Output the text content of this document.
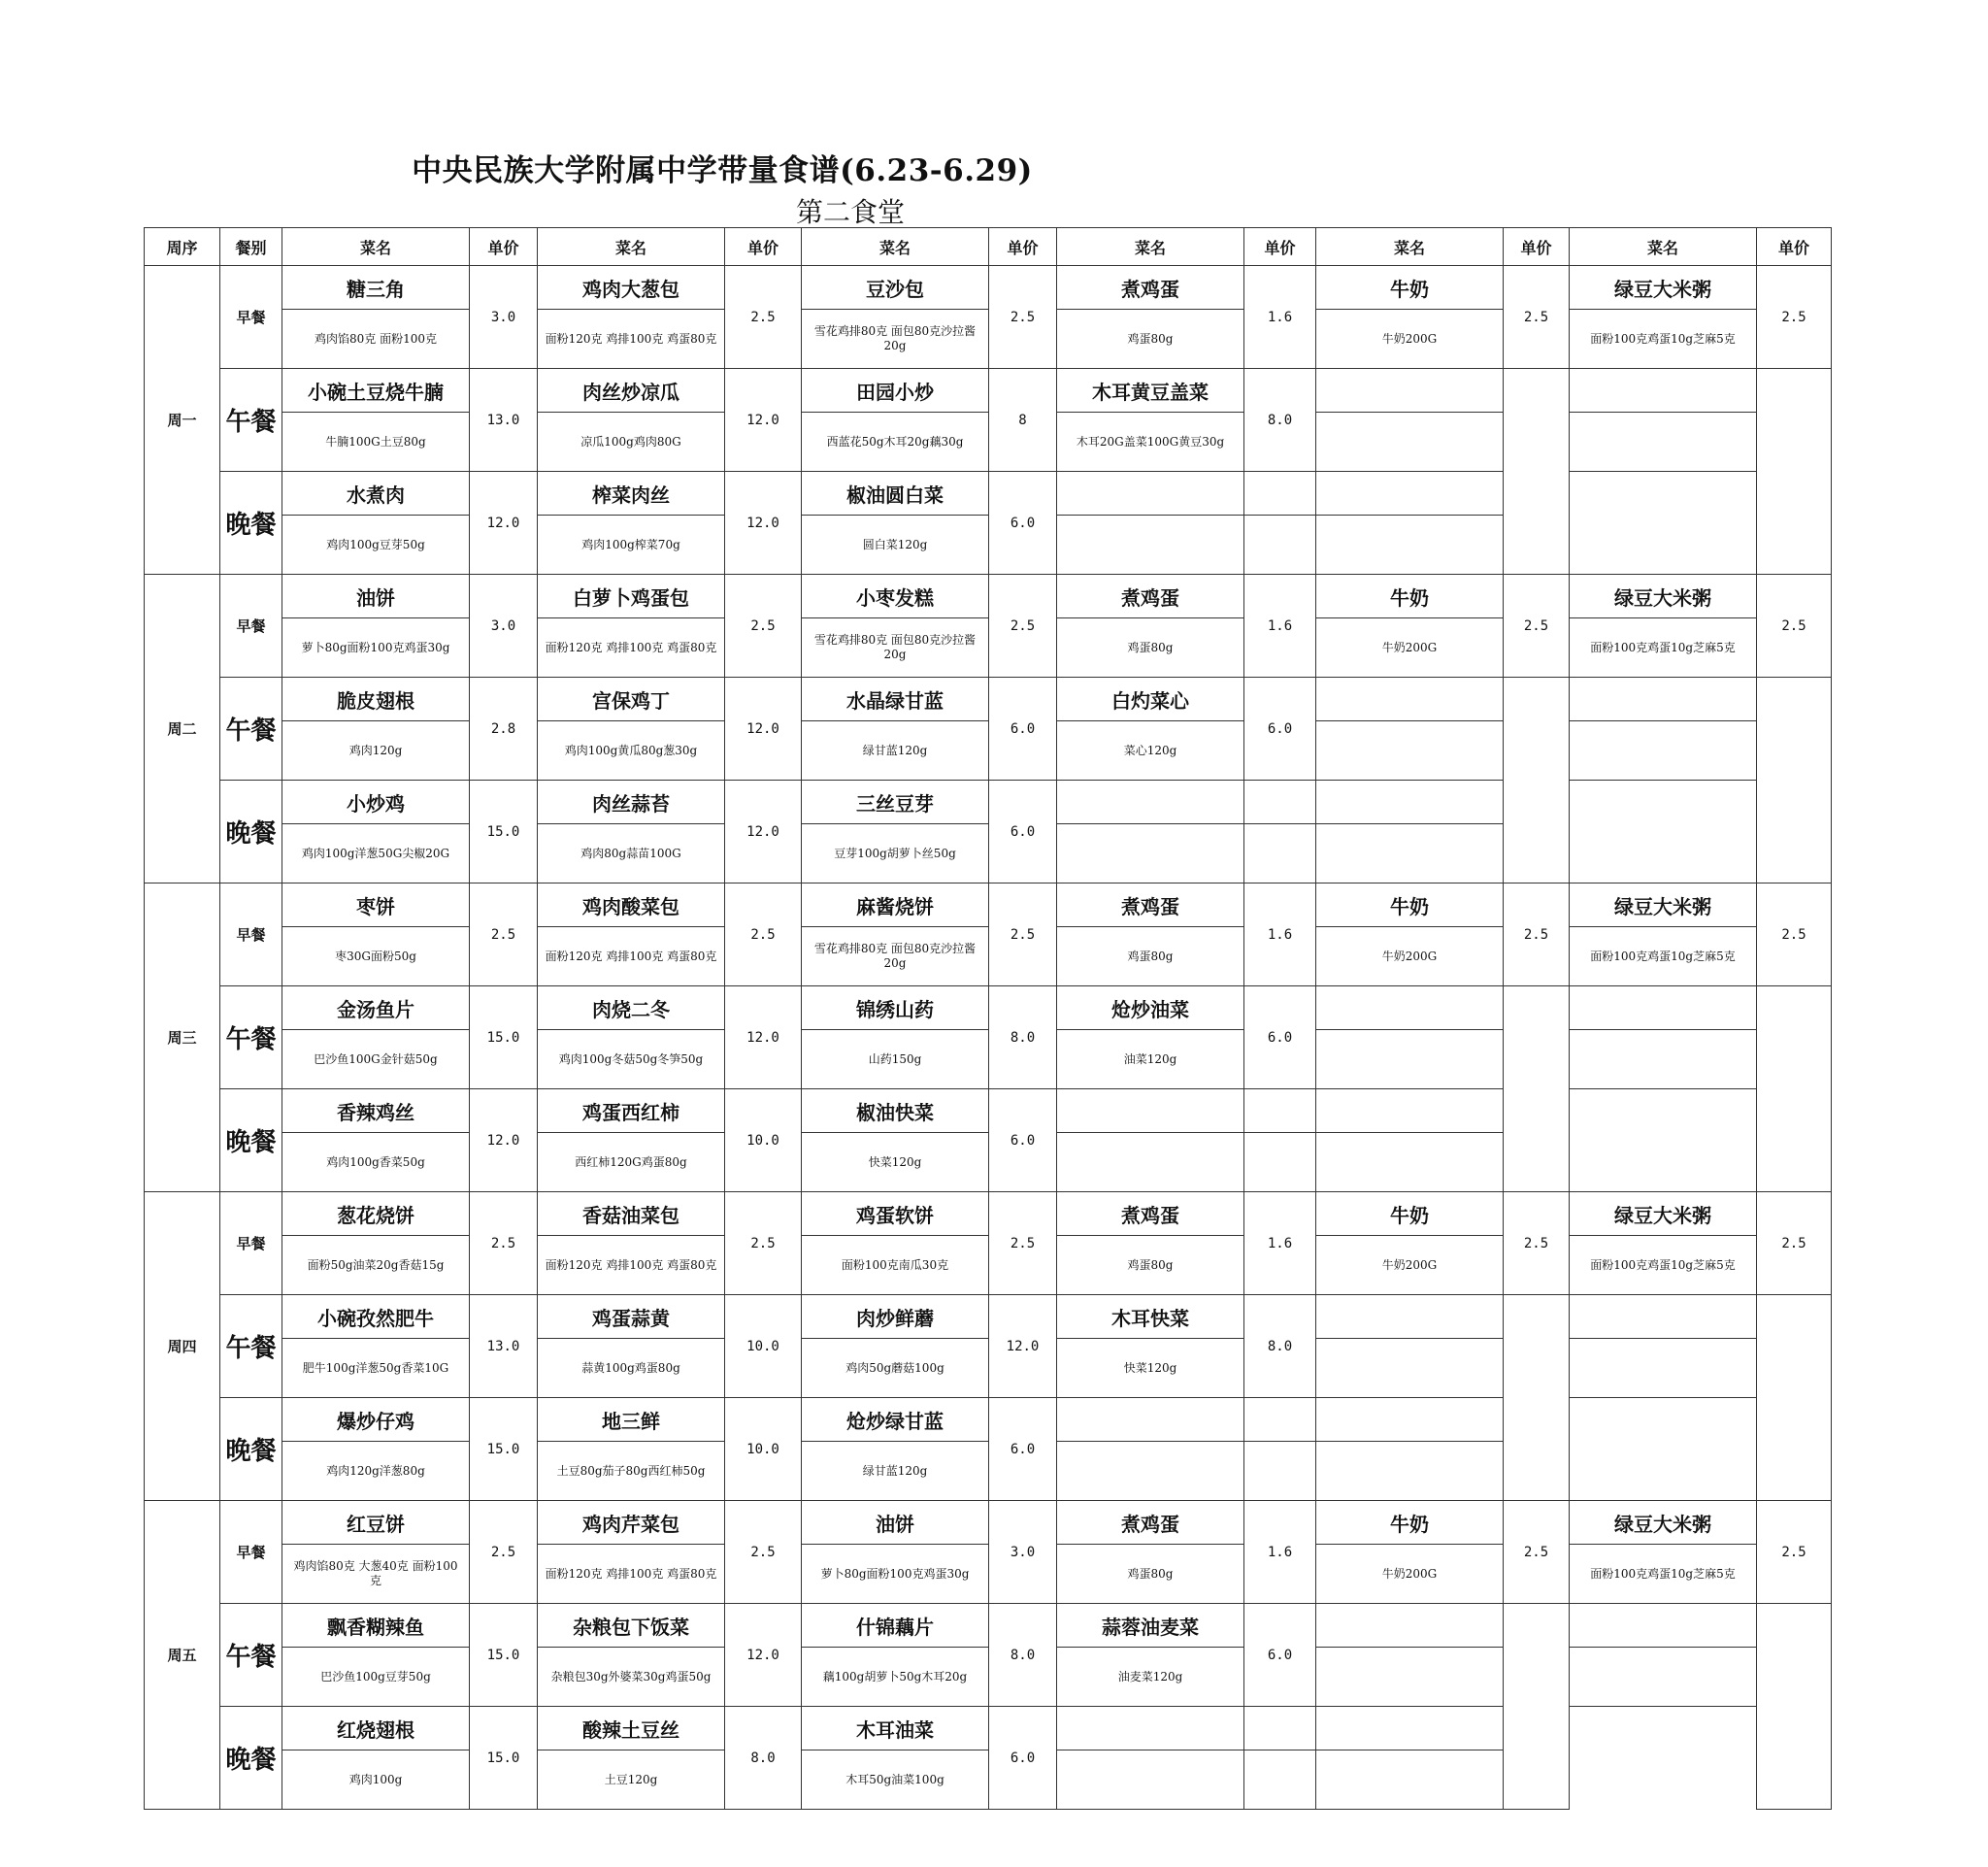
中央民族大学附属中学带量食谱(6.23-6.29)
第二食堂
周序	餐别	菜名	单价	菜名	单价	菜名	单价	菜名	单价	菜名	单价	菜名	单价
周一	早餐	糖三角	3.0	鸡肉大葱包	2.5	豆沙包	2.5	煮鸡蛋	1.6	牛奶	2.5	绿豆大米粥	2.5
		鸡肉馅80克 面粉100克		面粉120克 鸡排100克 鸡蛋80克		雪花鸡排80克 面包80克沙拉酱20g		鸡蛋80g		牛奶200G		面粉100克鸡蛋10g芝麻5克	
	午餐	小碗土豆烧牛腩	13.0	肉丝炒凉瓜	12.0	田园小炒	8	木耳黄豆盖菜	8.0				
		牛腩100G土豆80g		凉瓜100g鸡肉80G		西蓝花50g木耳20g藕30g		木耳20G盖菜100G黄豆30g					
	晚餐	水煮肉	12.0	榨菜肉丝	12.0	椒油圆白菜	6.0						
		鸡肉100g豆芽50g		鸡肉100g榨菜70g		圆白菜120g							
周二	早餐	油饼	3.0	白萝卜鸡蛋包	2.5	小枣发糕	2.5	煮鸡蛋	1.6	牛奶	2.5	绿豆大米粥	2.5
		萝卜80g面粉100克鸡蛋30g		面粉120克 鸡排100克 鸡蛋80克		雪花鸡排80克 面包80克沙拉酱20g		鸡蛋80g		牛奶200G		面粉100克鸡蛋10g芝麻5克	
	午餐	脆皮翅根	2.8	宫保鸡丁	12.0	水晶绿甘蓝	6.0	白灼菜心	6.0				
		鸡肉120g		鸡肉100g黄瓜80g葱30g		绿甘蓝120g		菜心120g					
	晚餐	小炒鸡	15.0	肉丝蒜苔	12.0	三丝豆芽	6.0						
		鸡肉100g洋葱50G尖椒20G		鸡肉80g蒜苗100G		豆芽100g胡萝卜丝50g							
周三	早餐	枣饼	2.5	鸡肉酸菜包	2.5	麻酱烧饼	2.5	煮鸡蛋	1.6	牛奶	2.5	绿豆大米粥	2.5
		枣30G面粉50g		面粉120克 鸡排100克 鸡蛋80克		雪花鸡排80克 面包80克沙拉酱20g		鸡蛋80g		牛奶200G		面粉100克鸡蛋10g芝麻5克	
	午餐	金汤鱼片	15.0	肉烧二冬	12.0	锦绣山药	8.0	炝炒油菜	6.0				
		巴沙鱼100G金针菇50g		鸡肉100g冬菇50g冬笋50g		山药150g		油菜120g					
	晚餐	香辣鸡丝	12.0	鸡蛋西红柿	10.0	椒油快菜	6.0						
		鸡肉100g香菜50g		西红柿120G鸡蛋80g		快菜120g							
周四	早餐	葱花烧饼	2.5	香菇油菜包	2.5	鸡蛋软饼	2.5	煮鸡蛋	1.6	牛奶	2.5	绿豆大米粥	2.5
		面粉50g油菜20g香菇15g		面粉120克 鸡排100克 鸡蛋80克		面粉100克南瓜30克		鸡蛋80g		牛奶200G		面粉100克鸡蛋10g芝麻5克	
	午餐	小碗孜然肥牛	13.0	鸡蛋蒜黄	10.0	肉炒鲜蘑	12.0	木耳快菜	8.0				
		肥牛100g洋葱50g香菜10G		蒜黄100g鸡蛋80g		鸡肉50g蘑菇100g		快菜120g					
	晚餐	爆炒仔鸡	15.0	地三鲜	10.0	炝炒绿甘蓝	6.0						
		鸡肉120g洋葱80g		土豆80g茄子80g西红柿50g		绿甘蓝120g							
周五	早餐	红豆饼	2.5	鸡肉芹菜包	2.5	油饼	3.0	煮鸡蛋	1.6	牛奶	2.5	绿豆大米粥	2.5
		鸡肉馅80克 大葱40克 面粉100克		面粉120克 鸡排100克 鸡蛋80克		萝卜80g面粉100克鸡蛋30g		鸡蛋80g		牛奶200G		面粉100克鸡蛋10g芝麻5克	
	午餐	飘香糊辣鱼	15.0	杂粮包下饭菜	12.0	什锦藕片	8.0	蒜蓉油麦菜	6.0				
		巴沙鱼100g豆芽50g		杂粮包30g外婆菜30g鸡蛋50g		藕100g胡萝卜50g木耳20g		油麦菜120g					
	晚餐	红烧翅根	15.0	酸辣土豆丝	8.0	木耳油菜	6.0						
		鸡肉100g		土豆120g		木耳50g油菜100g							
